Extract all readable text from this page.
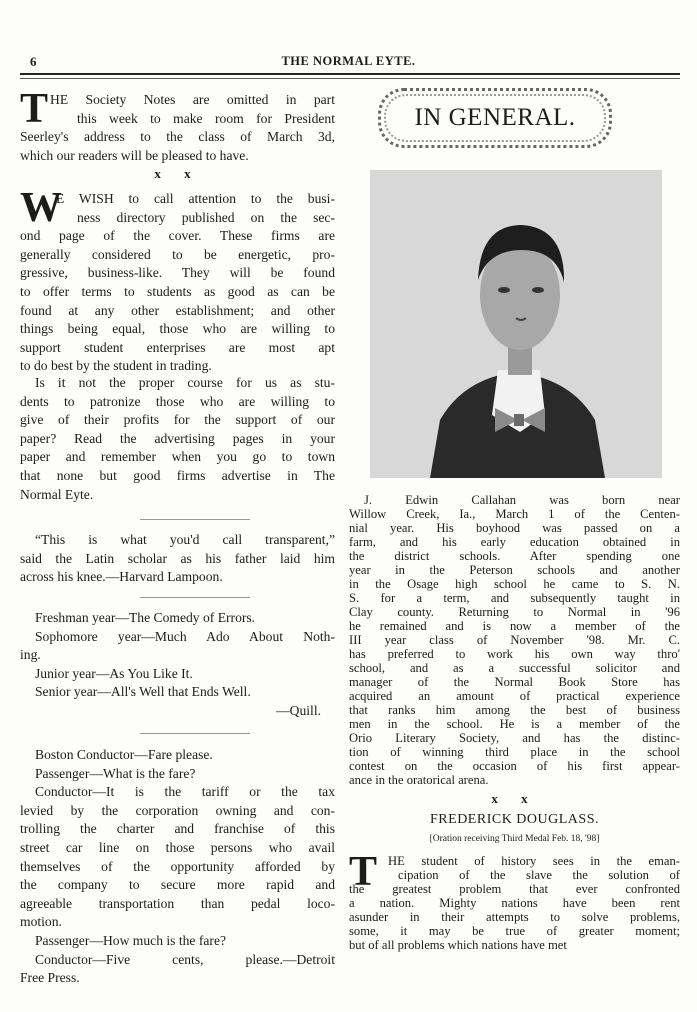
6	THE NORMAL EYTE.
T HE Society Notes are omitted in part
this week to make room for President
Seerley's address to the class of March 3d,
which our readers will be pleased to have.
x x
W
E WISH to call attention to the busi-
ness directory published on the sec-
ond page of the cover. These firms are
generally considered to be energetic, pro-
gressive, business-like. They will be found
to offer terms to students as good as can be
found at any other establishment; and other
things being equal, those who are willing to
support student enterprises are most apt
to do best by the student in trading.
Is it not the proper course for us as stu-
dents to patronize those who are willing to
give of their profits for the support of our
paper? Read the advertising pages in your
paper and remember when you go to town
that none but good firms advertise in The
Normal Eyte.
“This is what you'd call transparent,”
said the Latin scholar as his father laid him
across his knee.—Harvard Lampoon.
Freshman year—The Comedy of Errors.
Sophomore year—Much Ado About Noth-
ing.
Junior year—As You Like It.
Senior year—All's Well that Ends Well.
—Quill.
Boston Conductor—Fare please.
Passenger—What is the fare?
Conductor—It is the tariff or the tax
levied by the corporation owning and con-
trolling the charter and franchise of this
street car line on those persons who avail
themselves of the opportunity afforded by
the company to secure more rapid and
agreeable transportation than pedal loco-
motion.
Passenger—How much is the fare?
Conductor—Five cents, please.—Detroit
Free Press.
IN GENERAL.
J. Edwin Callahan was born near
Willow Creek, Ia., March 1 of the Centen-
nial year. His boyhood was passed on a
farm, and his early education obtained in
the district schools. After spending one
year in the Peterson schools and another
in the Osage high school he came to S. N.
S. for a term, and subsequently taught in
Clay county. Returning to Normal in '96
he remained and is now a member of the
III year class of November '98. Mr. C.
has preferred to work his own way thro'
school, and as a successful solicitor and
manager of the Normal Book Store has
acquired an amount of practical experience
that ranks him among the best of business
men in the school. He is a member of the
Orio Literary Society, and has the distinc-
tion of winning third place in the school
contest on the occasion of his first appear-
ance in the oratorical arena.
x x
FREDERICK DOUGLASS.
[Oration receiving Third Medal Feb. 18, '98]
T HE student of history sees in the eman-
cipation of the slave the solution of
the greatest problem that ever confronted
a nation. Mighty nations have been rent
asunder in their attempts to solve problems,
some, it may be true of greater moment;
but of all problems which nations have met
